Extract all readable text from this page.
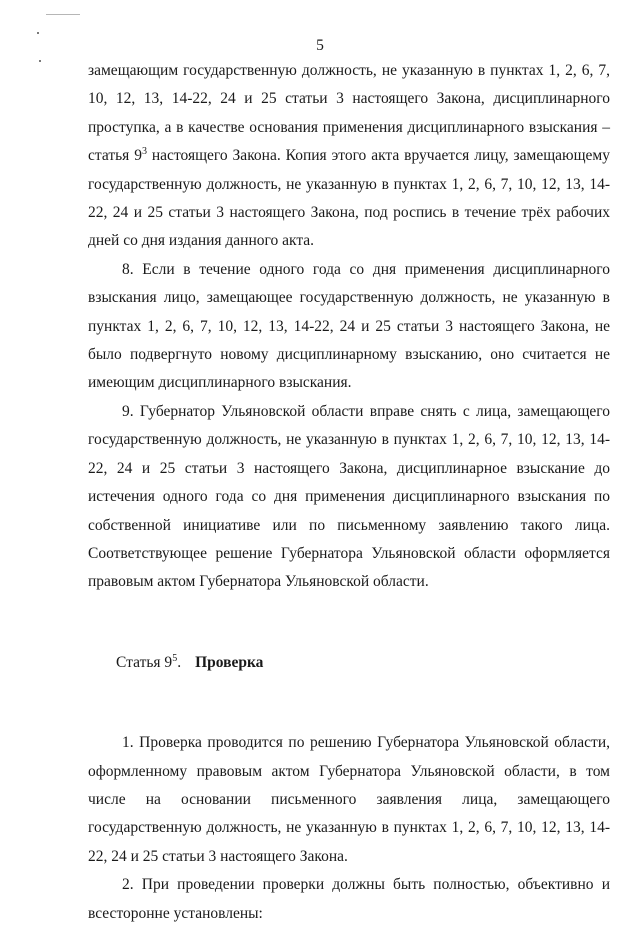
5

замещающим государственную должность, не указанную в пунктах 1, 2, 6, 7, 10, 12, 13, 14-22, 24 и 25 статьи 3 настоящего Закона, дисциплинарного проступка, а в качестве основания применения дисциплинарного взыскания – статья $9^3$ настоящего Закона. Копия этого акта вручается лицу, замещающему государственную должность, не указанную в пунктах 1, 2, 6, 7, 10, 12, 13, 14-22, 24 и 25 статьи 3 настоящего Закона, под роспись в течение трёх рабочих дней со дня издания данного акта.

8. Если в течение одного года со дня применения дисциплинарного взыскания лицо, замещающее государственную должность, не указанную в пунктах 1, 2, 6, 7, 10, 12, 13, 14-22, 24 и 25 статьи 3 настоящего Закона, не было подвергнуто новому дисциплинарному взысканию, оно считается не имеющим дисциплинарного взыскания.

9. Губернатор Ульяновской области вправе снять с лица, замещающего государственную должность, не указанную в пунктах 1, 2, 6, 7, 10, 12, 13, 14-22, 24 и 25 статьи 3 настоящего Закона, дисциплинарное взыскание до истечения одного года со дня применения дисциплинарного взыскания по собственной инициативе или по письменному заявлению такого лица. Соответствующее решение Губернатора Ульяновской области оформляется правовым актом Губернатора Ульяновской области.

Статья $9^5$. Проверка

1. Проверка проводится по решению Губернатора Ульяновской области, оформленному правовым актом Губернатора Ульяновской области, в том числе на основании письменного заявления лица, замещающего государственную должность, не указанную в пунктах 1, 2, 6, 7, 10, 12, 13, 14-22, 24 и 25 статьи 3 настоящего Закона.

2. При проведении проверки должны быть полностью, объективно и всесторонне установлены:
